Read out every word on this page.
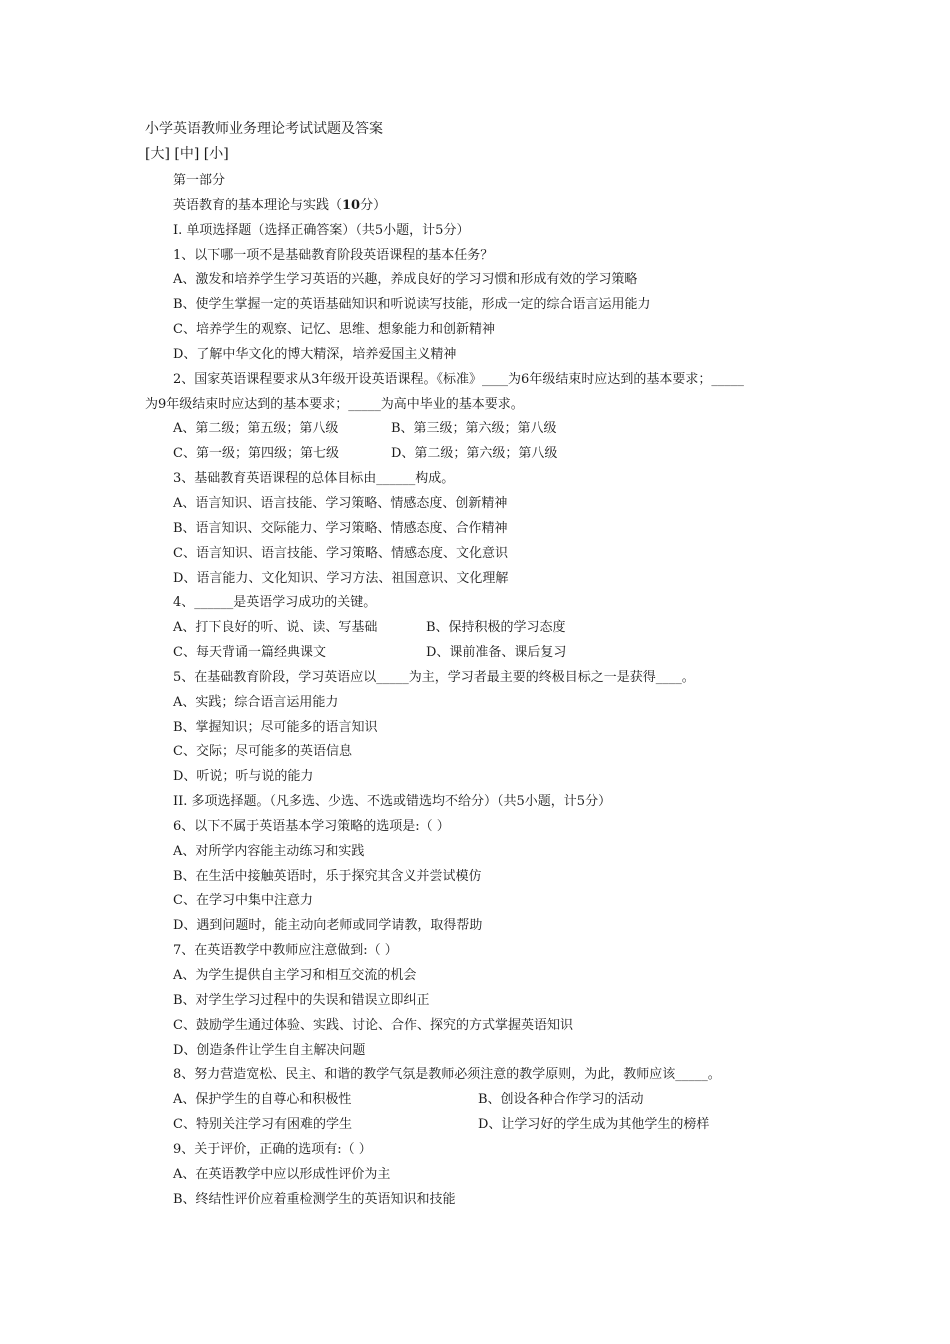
小学英语教师业务理论考试试题及答案
[大] [中] [小]
第一部分
英语教育的基本理论与实践（10分）
I. 单项选择题（选择正确答案）（共5小题，计5分）
1、以下哪一项不是基础教育阶段英语课程的基本任务？
A、激发和培养学生学习英语的兴趣，养成良好的学习习惯和形成有效的学习策略
B、使学生掌握一定的英语基础知识和听说读写技能，形成一定的综合语言运用能力
C、培养学生的观察、记忆、思维、想象能力和创新精神
D、了解中华文化的博大精深，培养爱国主义精神
2、国家英语课程要求从3年级开设英语课程。《标准》____为6年级结束时应达到的基本要求；_____
为9年级结束时应达到的基本要求；_____为高中毕业的基本要求。
A、第二级；第五级；第八级	B、第三级；第六级；第八级
C、第一级；第四级；第七级	D、第二级；第六级；第八级
3、基础教育英语课程的总体目标由______构成。
A、语言知识、语言技能、学习策略、情感态度、创新精神
B、语言知识、交际能力、学习策略、情感态度、合作精神
C、语言知识、语言技能、学习策略、情感态度、文化意识
D、语言能力、文化知识、学习方法、祖国意识、文化理解
4、______是英语学习成功的关键。
A、打下良好的听、说、读、写基础	B、保持积极的学习态度
C、每天背诵一篇经典课文	D、课前准备、课后复习
5、在基础教育阶段，学习英语应以_____为主，学习者最主要的终极目标之一是获得____。
A、实践；综合语言运用能力
B、掌握知识；尽可能多的语言知识
C、交际；尽可能多的英语信息
D、听说；听与说的能力
II. 多项选择题。（凡多选、少选、不选或错选均不给分）（共5小题，计5分）
6、以下不属于英语基本学习策略的选项是:（ ）
A、对所学内容能主动练习和实践
B、在生活中接触英语时，乐于探究其含义并尝试模仿
C、在学习中集中注意力
D、遇到问题时，能主动向老师或同学请教，取得帮助
7、在英语教学中教师应注意做到:（ ）
A、为学生提供自主学习和相互交流的机会
B、对学生学习过程中的失误和错误立即纠正
C、鼓励学生通过体验、实践、讨论、合作、探究的方式掌握英语知识
D、创造条件让学生自主解决问题
8、努力营造宽松、民主、和谐的教学气氛是教师必须注意的教学原则，为此，教师应该_____。
A、保护学生的自尊心和积极性	B、创设各种合作学习的活动
C、特别关注学习有困难的学生	D、让学习好的学生成为其他学生的榜样
9、关于评价，正确的选项有:（ ）
A、在英语教学中应以形成性评价为主
B、终结性评价应着重检测学生的英语知识和技能
